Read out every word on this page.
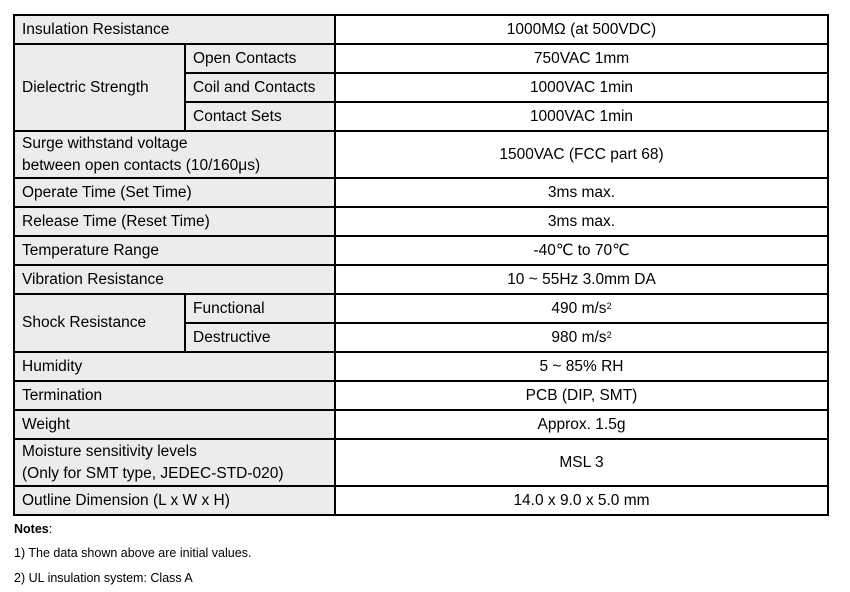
Insulation Resistance		1000MΩ (at 500VDC)
Dielectric Strength	Open Contacts	750VAC 1mm
	Coil and Contacts	1000VAC 1min
	Contact Sets	1000VAC 1min

Surge withstand voltage
between open contacts (10/160μs)		1500VAC (FCC part 68)
Operate Time (Set Time)		3ms max.
Release Time (Reset Time)		3ms max.
Temperature Range		-40℃ to 70℃
Vibration Resistance		10 ~ 55Hz 3.0mm DA
Shock Resistance	Functional	490 $m/s^2$
	Destructive	980 $m/s^2$
Humidity		5 ~ 85% RH
Termination		PCB (DIP, SMT)
Weight		Approx. 1.5g

Moisture sensitivity levels
(Only for SMT type, JEDEC-STD-020)		MSL 3
Outline Dimension (L x W x H)		14.0 x 9.0 x 5.0 mm
Notes:
1) The data shown above are initial values.
2) UL insulation system: Class A
